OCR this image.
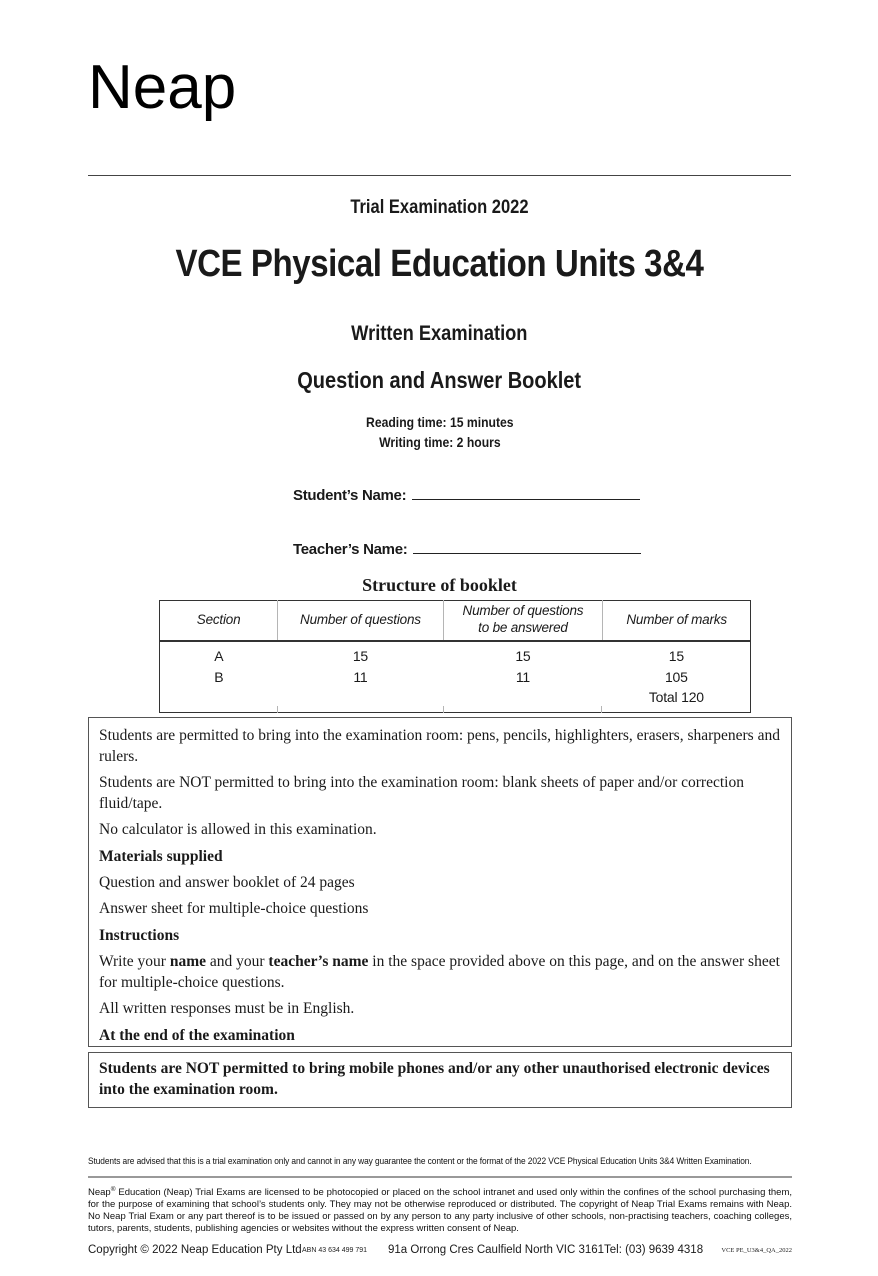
Neap
Trial Examination 2022
VCE Physical Education Units 3&4
Written Examination
Question and Answer Booklet
Reading time: 15 minutes
Writing time: 2 hours
Student’s Name:
Teacher’s Name:
Structure of booklet
Section	Number of questions	Number of questions to be answered	Number of marks
A	15	15	15
B	11	11	105
			Total 120

Students are permitted to bring into the examination room: pens, pencils, highlighters, erasers, sharpeners and rulers.

Students are NOT permitted to bring into the examination room: blank sheets of paper and/or correction fluid/tape.

No calculator is allowed in this examination.

Materials supplied

Question and answer booklet of 24 pages

Answer sheet for multiple-choice questions

Instructions

Write your name and your teacher’s name in the space provided above on this page, and on the answer sheet for multiple-choice questions.

All written responses must be in English.

At the end of the examination

Students are NOT permitted to bring mobile phones and/or any other unauthorised electronic devices into the examination room.
Students are advised that this is a trial examination only and cannot in any way guarantee the content or the format of the 2022 VCE Physical Education Units 3&4 Written Examination.
Neap® Education (Neap) Trial Exams are licensed to be photocopied or placed on the school intranet and used only within the confines of the school purchasing them, for the purpose of examining that school’s students only. They may not be otherwise reproduced or distributed. The copyright of Neap Trial Exams remains with Neap. No Neap Trial Exam or any part thereof is to be issued or passed on by any person to any party inclusive of other schools, non-practising teachers, coaching colleges, tutors, parents, students, publishing agencies or websites without the express written consent of Neap.
Copyright © 2022 Neap Education Pty Ltd ABN 43 634 499 791 91a Orrong Cres Caulfield North VIC 3161 Tel: (03) 9639 4318	VCE PE_U3&4_QA_2022
